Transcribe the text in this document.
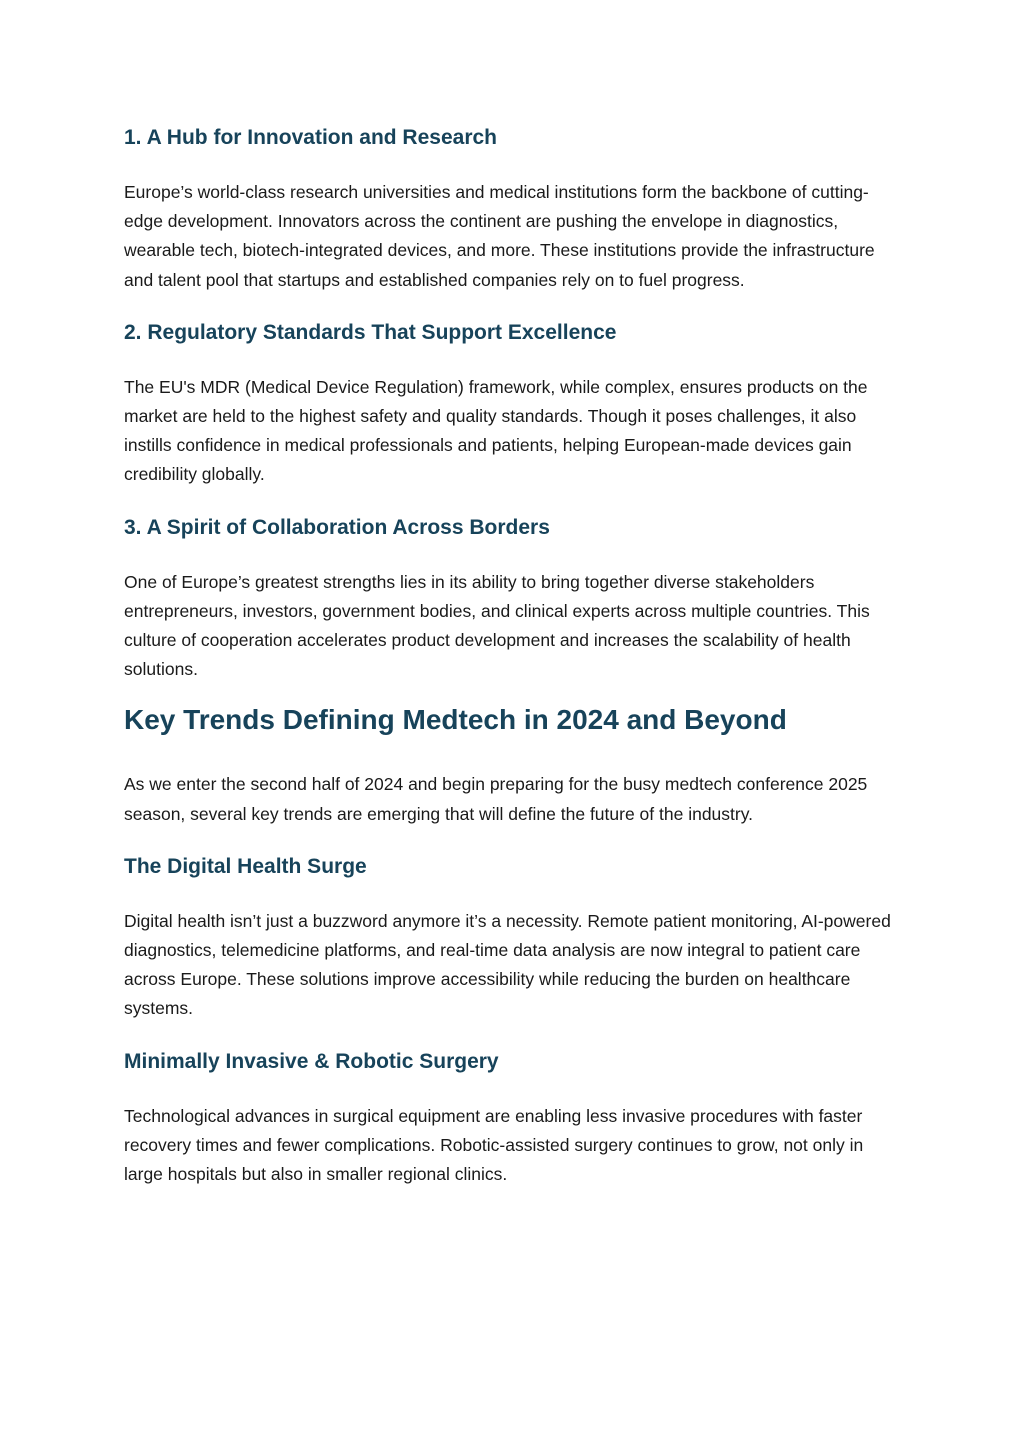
1. A Hub for Innovation and Research

Europe’s world-class research universities and medical institutions form the backbone of cutting-edge development. Innovators across the continent are pushing the envelope in diagnostics, wearable tech, biotech-integrated devices, and more. These institutions provide the infrastructure and talent pool that startups and established companies rely on to fuel progress.

2. Regulatory Standards That Support Excellence

The EU's MDR (Medical Device Regulation) framework, while complex, ensures products on the market are held to the highest safety and quality standards. Though it poses challenges, it also instills confidence in medical professionals and patients, helping European-made devices gain credibility globally.

3. A Spirit of Collaboration Across Borders

One of Europe’s greatest strengths lies in its ability to bring together diverse stakeholders entrepreneurs, investors, government bodies, and clinical experts across multiple countries. This culture of cooperation accelerates product development and increases the scalability of health solutions.

Key Trends Defining Medtech in 2024 and Beyond

As we enter the second half of 2024 and begin preparing for the busy medtech conference 2025 season, several key trends are emerging that will define the future of the industry.

The Digital Health Surge

Digital health isn’t just a buzzword anymore it’s a necessity. Remote patient monitoring, AI-powered diagnostics, telemedicine platforms, and real-time data analysis are now integral to patient care across Europe. These solutions improve accessibility while reducing the burden on healthcare systems.

Minimally Invasive & Robotic Surgery

Technological advances in surgical equipment are enabling less invasive procedures with faster recovery times and fewer complications. Robotic-assisted surgery continues to grow, not only in large hospitals but also in smaller regional clinics.
